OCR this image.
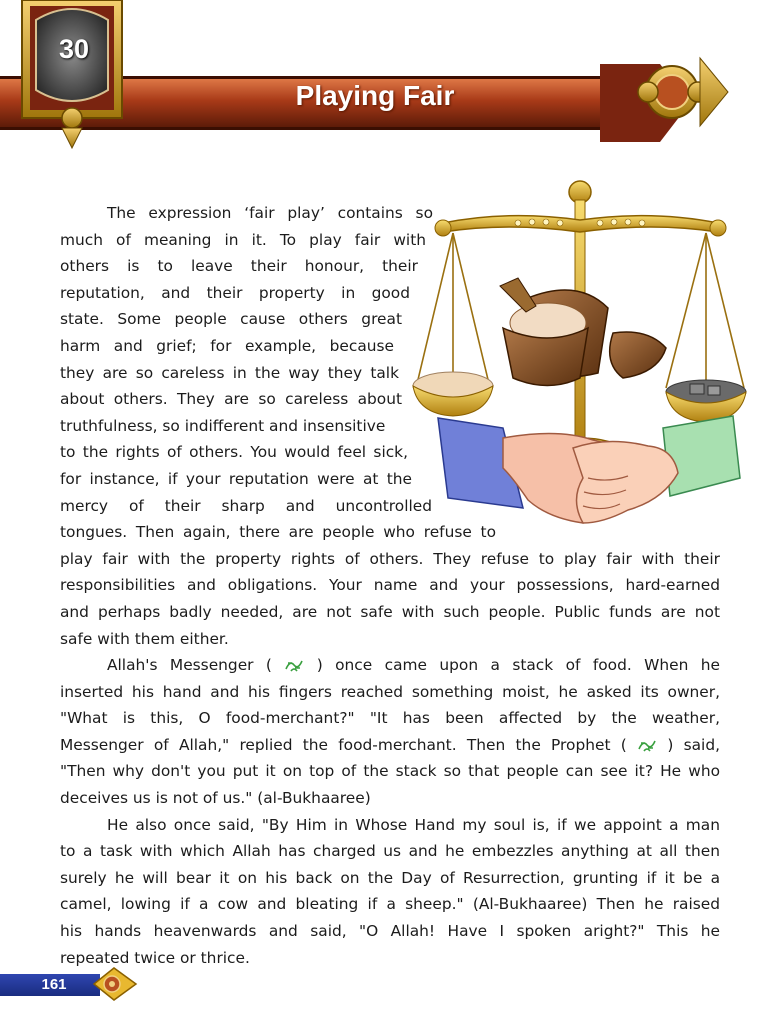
30
Playing Fair
The expression ‘fair play’ contains so
much of meaning in it. To play fair with
others is to leave their honour, their
reputation, and their property in good
state. Some people cause others great
harm and grief; for example, because
they are so careless in the way they talk
about others. They are so careless about
truthfulness, so indifferent and insensitive
to the rights of others. You would feel sick,
for instance, if your reputation were at the
mercy of their sharp and uncontrolled
tongues. Then again, there are people who refuse to
play fair with the property rights of others. They refuse to play fair with their
responsibilities and obligations. Your name and your possessions, hard-earned
and perhaps badly needed, are not safe with such people. Public funds are not
safe with them either.
Allah's Messenger (	) once came upon a stack of food. When he
inserted his hand and his fingers reached something moist, he asked its owner,
"What is this, O food-merchant?" "It has been affected by the weather,
Messenger of Allah," replied the food-merchant. Then the Prophet (	) said,
"Then why don't you put it on top of the stack so that people can see it? He who
deceives us is not of us." (al-Bukhaaree)
He also once said, "By Him in Whose Hand my soul is, if we appoint a man
to a task with which Allah has charged us and he embezzles anything at all then
surely he will bear it on his back on the Day of Resurrection, grunting if it be a
camel, lowing if a cow and bleating if a sheep." (Al-Bukhaaree) Then he raised
his hands heavenwards and said, "O Allah! Have I spoken aright?" This he
repeated twice or thrice.
161
